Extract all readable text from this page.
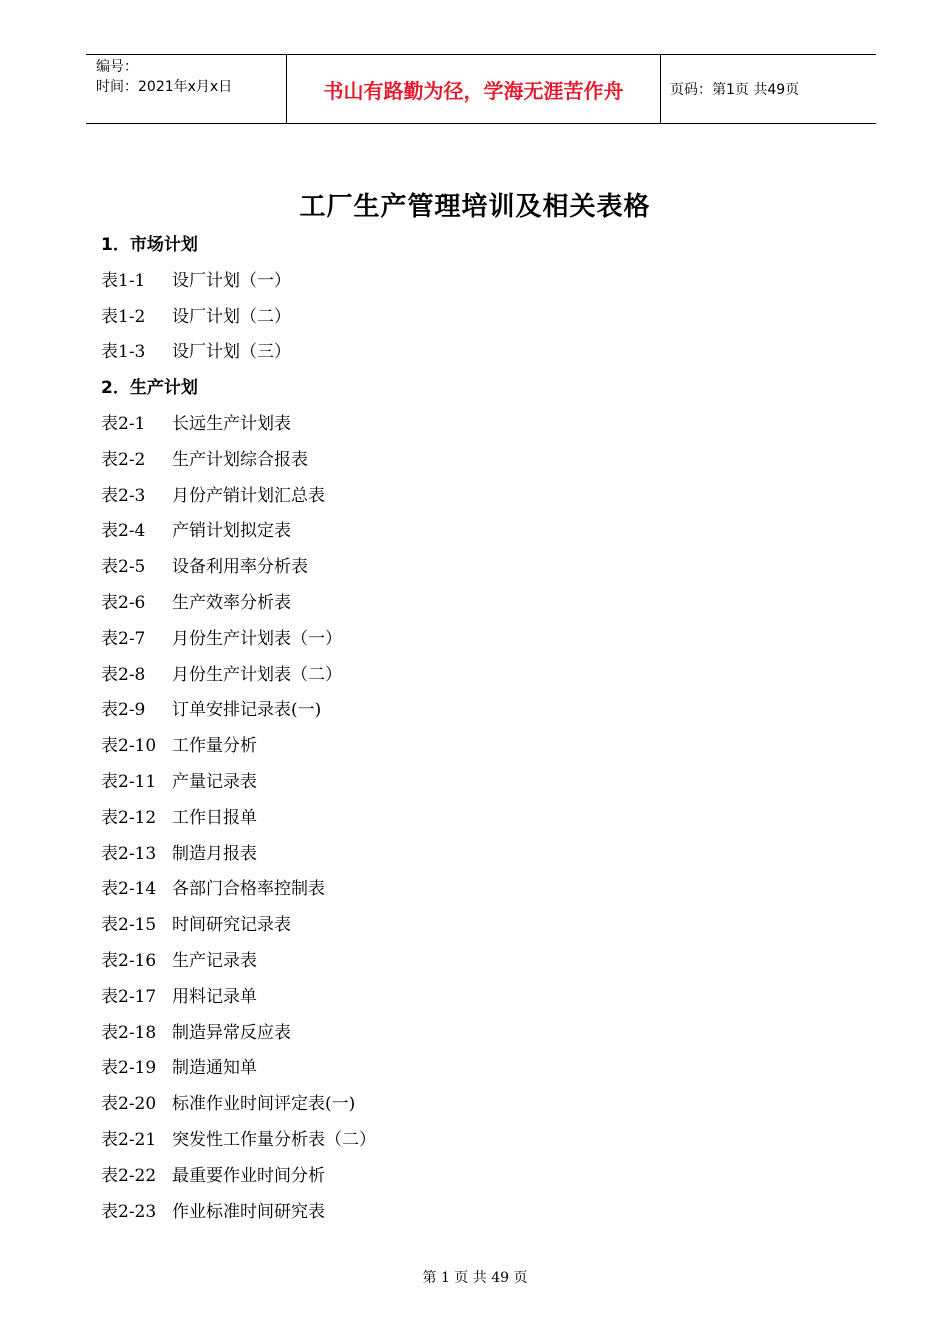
编号：
时间：2021年x月x日	书山有路勤为径，学海无涯苦作舟	页码：第1页 共49页
工厂生产管理培训及相关表格
1．市场计划
表1-1 设厂计划（一）
表1-2 设厂计划（二）
表1-3 设厂计划（三）
2．生产计划
表2-1 长远生产计划表
表2-2 生产计划综合报表
表2-3 月份产销计划汇总表
表2-4 产销计划拟定表
表2-5 设备利用率分析表
表2-6 生产效率分析表
表2-7 月份生产计划表（一）
表2-8 月份生产计划表（二）
表2-9 订单安排记录表(一)
表2-10 工作量分析
表2-11 产量记录表
表2-12 工作日报单
表2-13 制造月报表
表2-14 各部门合格率控制表
表2-15 时间研究记录表
表2-16 生产记录表
表2-17 用料记录单
表2-18 制造异常反应表
表2-19 制造通知单
表2-20 标准作业时间评定表(一)
表2-21 突发性工作量分析表（二）
表2-22 最重要作业时间分析
表2-23 作业标准时间研究表
第 1 页 共 49 页
